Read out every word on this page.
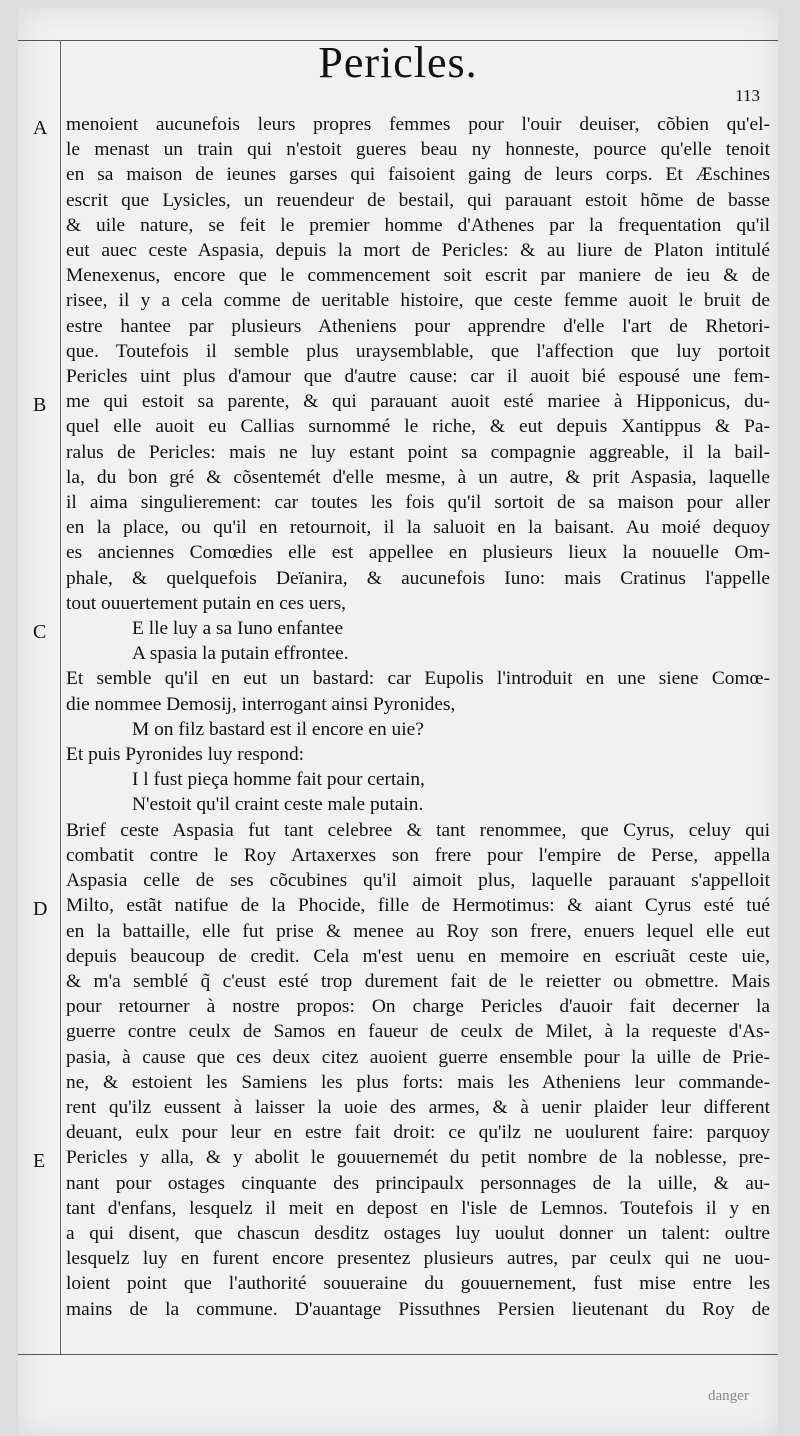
Pericles.
113
A
B
C
D
E
menoient aucunefois leurs propres femmes pour l'ouir deuiser, cõbien qu'el-
le menast un train qui n'estoit gueres beau ny honneste, pource qu'elle tenoit
en sa maison de ieunes garses qui faisoient gaing de leurs corps. Et Æschines
escrit que Lysicles, un reuendeur de bestail, qui parauant estoit hõme de basse
& uile nature, se feit le premier homme d'Athenes par la frequentation qu'il
eut auec ceste Aspasia, depuis la mort de Pericles: & au liure de Platon intitulé
Menexenus, encore que le commencement soit escrit par maniere de ieu & de
risee, il y a cela comme de ueritable histoire, que ceste femme auoit le bruit de
estre hantee par plusieurs Atheniens pour apprendre d'elle l'art de Rhetori-
que. Toutefois il semble plus uraysemblable, que l'affection que luy portoit
Pericles uint plus d'amour que d'autre cause: car il auoit bié espousé une fem-
me qui estoit sa parente, & qui parauant auoit esté mariee à Hipponicus, du-
quel elle auoit eu Callias surnommé le riche, & eut depuis Xantippus & Pa-
ralus de Pericles: mais ne luy estant point sa compagnie aggreable, il la bail-
la, du bon gré & cõsentemét d'elle mesme, à un autre, & prit Aspasia, laquelle
il aima singulierement: car toutes les fois qu'il sortoit de sa maison pour aller
en la place, ou qu'il en retournoit, il la saluoit en la baisant. Au moié dequoy
es anciennes Comœdies elle est appellee en plusieurs lieux la nouuelle Om-
phale, & quelquefois Deïanira, & aucunefois Iuno: mais Cratinus l'appelle
tout ouuertement putain en ces uers,
E lle luy a sa Iuno enfantee
A spasia la putain effrontee.
Et semble qu'il en eut un bastard: car Eupolis l'introduit en une siene Comœ-
die nommee Demosij, interrogant ainsi Pyronides,
M on filz bastard est il encore en uie?
Et puis Pyronides luy respond:
I l fust pieça homme fait pour certain,
N'estoit qu'il craint ceste male putain.
Brief ceste Aspasia fut tant celebree & tant renommee, que Cyrus, celuy qui
combatit contre le Roy Artaxerxes son frere pour l'empire de Perse, appella
Aspasia celle de ses cõcubines qu'il aimoit plus, laquelle parauant s'appelloit
Milto, estãt natifue de la Phocide, fille de Hermotimus: & aiant Cyrus esté tué
en la battaille, elle fut prise & menee au Roy son frere, enuers lequel elle eut
depuis beaucoup de credit. Cela m'est uenu en memoire en escriuãt ceste uie,
& m'a semblé q̃ c'eust esté trop durement fait de le reietter ou obmettre. Mais
pour retourner à nostre propos: On charge Pericles d'auoir fait decerner la
guerre contre ceulx de Samos en faueur de ceulx de Milet, à la requeste d'As-
pasia, à cause que ces deux citez auoient guerre ensemble pour la uille de Prie-
ne, & estoient les Samiens les plus forts: mais les Atheniens leur commande-
rent qu'ilz eussent à laisser la uoie des armes, & à uenir plaider leur different
deuant, eulx pour leur en estre fait droit: ce qu'ilz ne uoulurent faire: parquoy
Pericles y alla, & y abolit le gouuernemét du petit nombre de la noblesse, pre-
nant pour ostages cinquante des principaulx personnages de la uille, & au-
tant d'enfans, lesquelz il meit en depost en l'isle de Lemnos. Toutefois il y en
a qui disent, que chascun desditz ostages luy uoulut donner un talent: oultre
lesquelz luy en furent encore presentez plusieurs autres, par ceulx qui ne uou-
loient point que l'authorité souueraine du gouuernement, fust mise entre les
mains de la commune. D'auantage Pissuthnes Persien lieutenant du Roy de
danger
